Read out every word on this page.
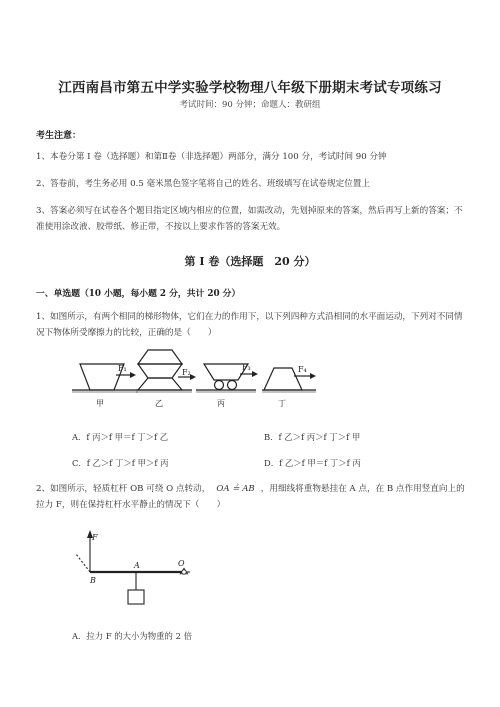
江西南昌市第五中学实验学校物理八年级下册期末考试专项练习
考试时间：90 分钟；命题人：教研组
考生注意：
1、本卷分第 I 卷（选择题）和第Ⅱ卷（非选择题）两部分，满分 100 分，考试时间 90 分钟
2、答卷前，考生务必用 0.5 毫米黑色签字笔将自己的姓名、班级填写在试卷规定位置上
3、答案必须写在试卷各个题目指定区域内相应的位置，如需改动，先划掉原来的答案，然后再写上新的答案；不准使用涂改液、胶带纸、修正带，不按以上要求作答的答案无效。
第 I 卷（选择题　20 分）
一、单选题（10 小题，每小题 2 分，共计 20 分）
1、如图所示，有两个相同的梯形物体，它们在力的作用下，以下列四种方式沿相同的水平面运动，下列对不同情况下物体所受摩擦力的比较，正确的是（　　）
F₁	F₂
F₃	F₄
甲	乙	丙	丁
A．f 丙＞f 甲＝f 丁＞f 乙	B．f 乙＞f 丙＞f 丁＞f 甲
C．f 乙＞f 丁＞f 甲＞f 丙	D．f 乙＞f 甲＝f 丁＞f 丙
2、如图所示，轻质杠杆 OB 可绕 O 点转动， OA ≟ AB ，用细线将重物悬挂在 A 点，在 B 点作用竖直向上的拉力 F，则在保持杠杆水平静止的情况下（　　）
F
A	O
B
A．拉力 F 的大小为物重的 2 倍
